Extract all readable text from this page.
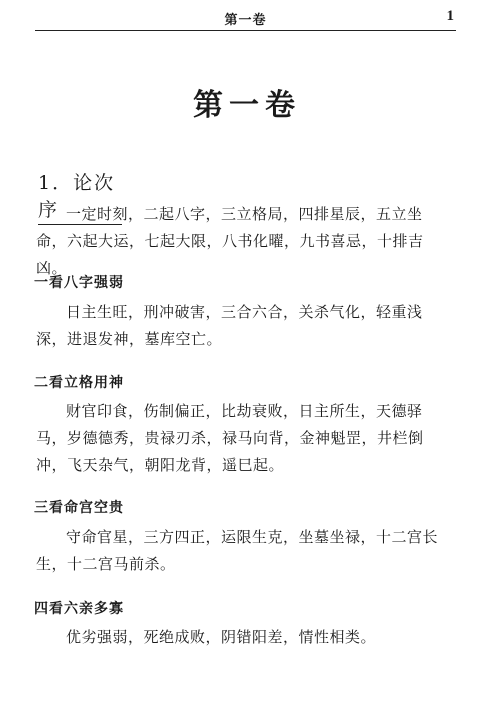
第一卷	1
第一卷
1．论次序 一定时刻，二起八字，三立格局，四排星辰，五立坐命，六起大运，七起大限，八书化曜，九书喜忌，十排吉凶。
一看八字强弱
日主生旺，刑冲破害，三合六合，关杀气化，轻重浅深，进退发神，墓库空亡。
二看立格用神
财官印食，伤制偏正，比劫衰败，日主所生，天德驿马，岁德德秀，贵禄刃杀，禄马向背，金神魁罡，井栏倒冲，飞天杂气，朝阳龙背，遥巳起。
三看命宫空贵
守命官星，三方四正，运限生克，坐墓坐禄，十二宫长生，十二宫马前杀。
四看六亲多寡
优劣强弱，死绝成败，阴错阳差，情性相类。
